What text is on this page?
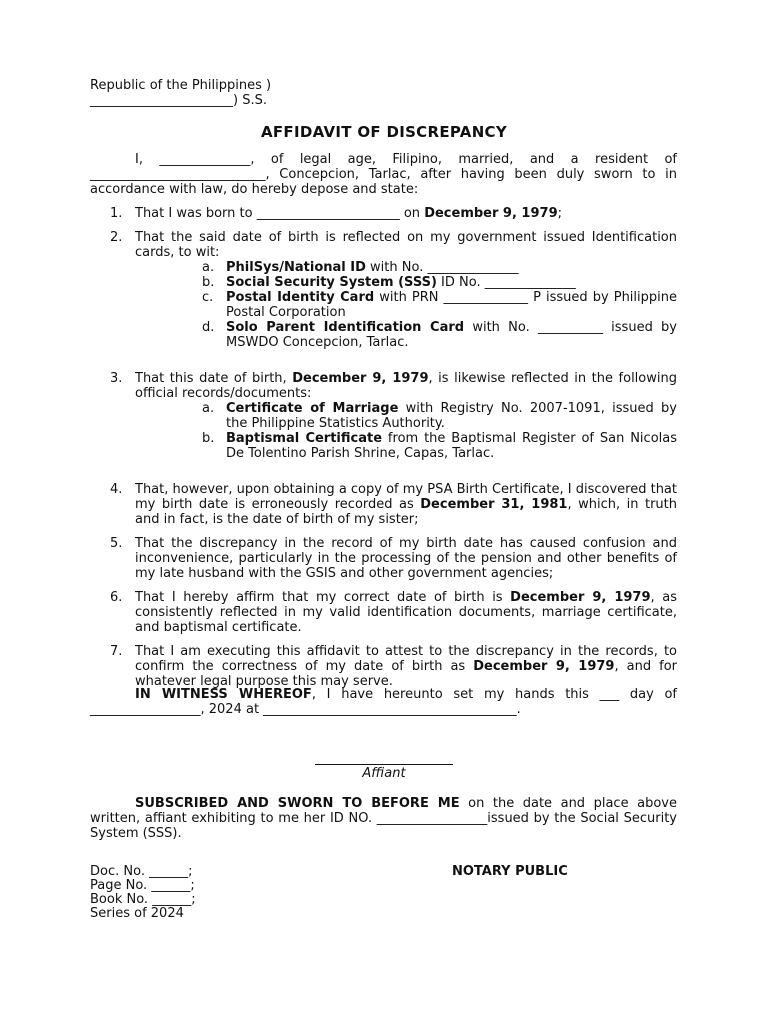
Republic of the Philippines )
______________________) S.S.
AFFIDAVIT OF DISCREPANCY
I, ______________, of legal age, Filipino, married, and a resident of ___________________________, Concepcion, Tarlac, after having been duly sworn to in accordance with law, do hereby depose and state:
1. That I was born to ______________________ on December 9, 1979;
2. That the said date of birth is reflected on my government issued Identification cards, to wit:
a. PhilSys/National ID with No. ______________
b. Social Security System (SSS) ID No. ______________
c. Postal Identity Card with PRN _____________ P issued by Philippine Postal Corporation
d. Solo Parent Identification Card with No. __________ issued by MSWDO Concepcion, Tarlac.
3. That this date of birth, December 9, 1979, is likewise reflected in the following official records/documents:
a. Certificate of Marriage with Registry No. 2007-1091, issued by the Philippine Statistics Authority.
b. Baptismal Certificate from the Baptismal Register of San Nicolas De Tolentino Parish Shrine, Capas, Tarlac.
4. That, however, upon obtaining a copy of my PSA Birth Certificate, I discovered that my birth date is erroneously recorded as December 31, 1981, which, in truth and in fact, is the date of birth of my sister;
5. That the discrepancy in the record of my birth date has caused confusion and inconvenience, particularly in the processing of the pension and other benefits of my late husband with the GSIS and other government agencies;
6. That I hereby affirm that my correct date of birth is December 9, 1979, as consistently reflected in my valid identification documents, marriage certificate, and baptismal certificate.
7. That I am executing this affidavit to attest to the discrepancy in the records, to confirm the correctness of my date of birth as December 9, 1979, and for whatever legal purpose this may serve.
IN WITNESS WHEREOF, I have hereunto set my hands this ___ day of _________________, 2024 at _______________________________________.
Affiant
SUBSCRIBED AND SWORN TO BEFORE ME on the date and place above written, affiant exhibiting to me her ID NO. _________________issued by the Social Security System (SSS).
Doc. No. ______;
Page No. ______;
Book No. ______;
Series of 2024
NOTARY PUBLIC
